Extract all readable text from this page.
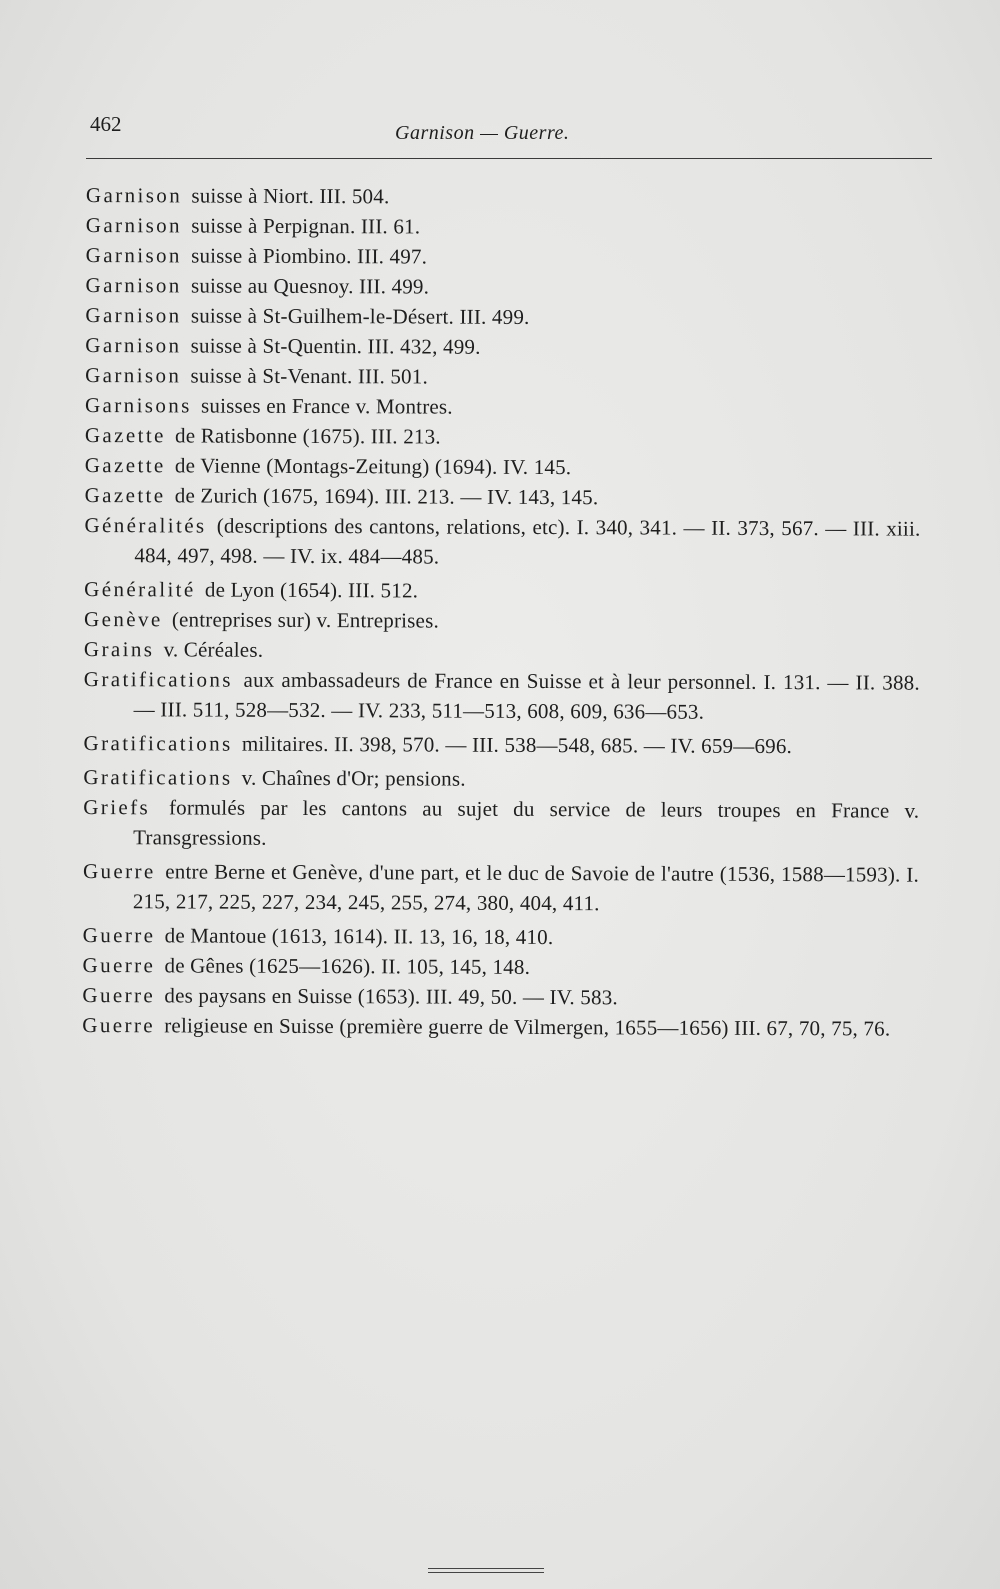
462	Garnison — Guerre.

Garnison suisse à Niort. III. 504.

Garnison suisse à Perpignan. III. 61.

Garnison suisse à Piombino. III. 497.

Garnison suisse au Quesnoy. III. 499.

Garnison suisse à St-Guilhem-le-Désert. III. 499.

Garnison suisse à St-Quentin. III. 432, 499.

Garnison suisse à St-Venant. III. 501.

Garnisons suisses en France v. Montres.

Gazette de Ratisbonne (1675). III. 213.

Gazette de Vienne (Montags-Zeitung) (1694). IV. 145.

Gazette de Zurich (1675, 1694). III. 213. — IV. 143, 145.

Généralités (descriptions des cantons, relations, etc). I. 340, 341. — II. 373, 567. — III. xiii. 484, 497, 498. — IV. ix. 484—485.

Généralité de Lyon (1654). III. 512.

Genève (entreprises sur) v. Entreprises.

Grains v. Céréales.

Gratifications aux ambassadeurs de France en Suisse et à leur personnel. I. 131. — II. 388. — III. 511, 528—532. — IV. 233, 511—513, 608, 609, 636—653.

Gratifications militaires. II. 398, 570. — III. 538—548, 685. — IV. 659—696.

Gratifications v. Chaînes d'Or; pensions.

Griefs formulés par les cantons au sujet du service de leurs troupes en France v. Transgressions.

Guerre entre Berne et Genève, d'une part, et le duc de Savoie de l'autre (1536, 1588—1593). I. 215, 217, 225, 227, 234, 245, 255, 274, 380, 404, 411.

Guerre de Mantoue (1613, 1614). II. 13, 16, 18, 410.

Guerre de Gênes (1625—1626). II. 105, 145, 148.

Guerre des paysans en Suisse (1653). III. 49, 50. — IV. 583.

Guerre religieuse en Suisse (première guerre de Vilmergen, 1655—1656) III. 67, 70, 75, 76.
